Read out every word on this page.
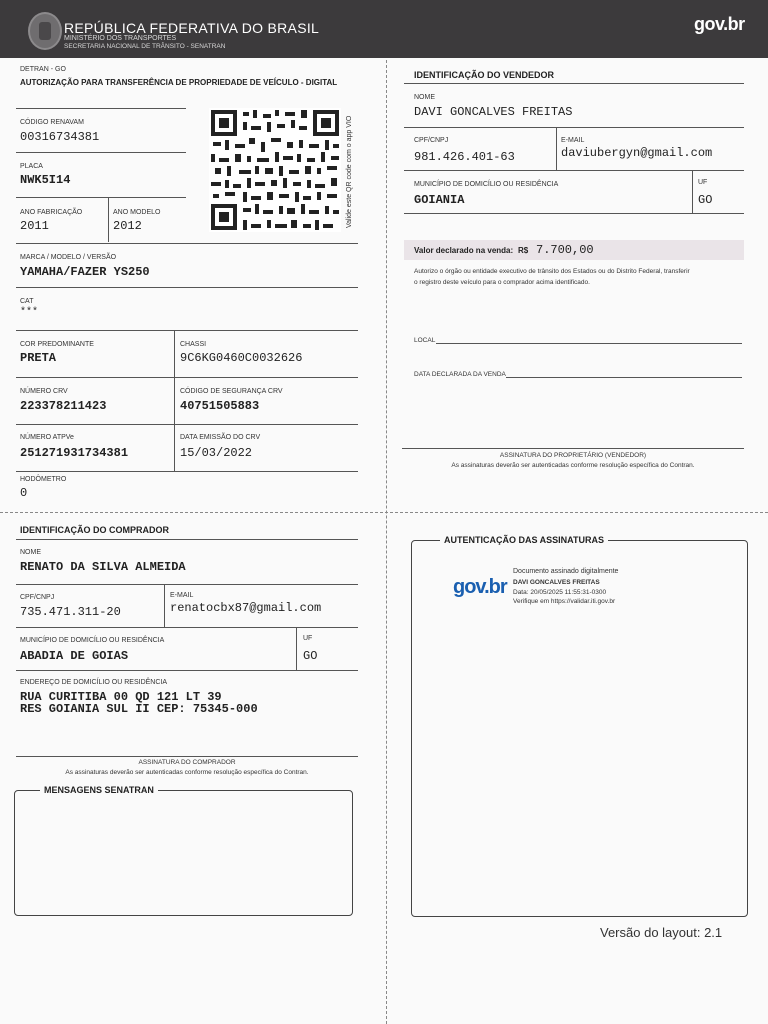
REPÚBLICA FEDERATIVA DO BRASIL
MINISTÉRIO DOS TRANSPORTES
SECRETARIA NACIONAL DE TRÂNSITO - SENATRAN
gov.br
DETRAN - GO
AUTORIZAÇÃO PARA TRANSFERÊNCIA DE PROPRIEDADE DE VEÍCULO - DIGITAL
CÓDIGO RENAVAM
00316734381
PLACA
NWK5I14
ANO FABRICAÇÃO
2011
ANO MODELO
2012	Valide este QR code com o app VIO
MARCA / MODELO / VERSÃO
YAMAHA/FAZER YS250
CAT
***
COR PREDOMINANTE
PRETA
CHASSI
9C6KG0460C0032626
NÚMERO CRV
223378211423
CÓDIGO DE SEGURANÇA CRV
40751505883
NÚMERO ATPVe
251271931734381
DATA EMISSÃO DO CRV
15/03/2022
HODÔMETRO
0
IDENTIFICAÇÃO DO VENDEDOR
NOME
DAVI GONCALVES FREITAS
CPF/CNPJ
981.426.401-63
E-MAIL
daviubergyn@gmail.com
MUNICÍPIO DE DOMICÍLIO OU RESIDÊNCIA
GOIANIA
UF
GO
Valor declarado na venda: R$ 7.700,00
Autorizo o órgão ou entidade executivo de trânsito dos Estados ou do Distrito Federal, transferir
o registro deste veículo para o comprador acima identificado.
LOCAL
DATA DECLARADA DA VENDA
ASSINATURA DO PROPRIETÁRIO (VENDEDOR)
As assinaturas deverão ser autenticadas conforme resolução específica do Contran.
IDENTIFICAÇÃO DO COMPRADOR
NOME
RENATO DA SILVA ALMEIDA
CPF/CNPJ
735.471.311-20
E-MAIL
renatocbx87@gmail.com
MUNICÍPIO DE DOMICÍLIO OU RESIDÊNCIA
ABADIA DE GOIAS
UF
GO
ENDEREÇO DE DOMICÍLIO OU RESIDÊNCIA
RUA CURITIBA 00 QD 121 LT 39
RES GOIANIA SUL II CEP: 75345-000
ASSINATURA DO COMPRADOR
As assinaturas deverão ser autenticadas conforme resolução específica do Contran.
MENSAGENS SENATRAN
AUTENTICAÇÃO DAS ASSINATURAS
gov.br
Documento assinado digitalmente
DAVI GONCALVES FREITAS
Data: 20/05/2025 11:55:31-0300
Verifique em https://validar.iti.gov.br
Versão do layout: 2.1
